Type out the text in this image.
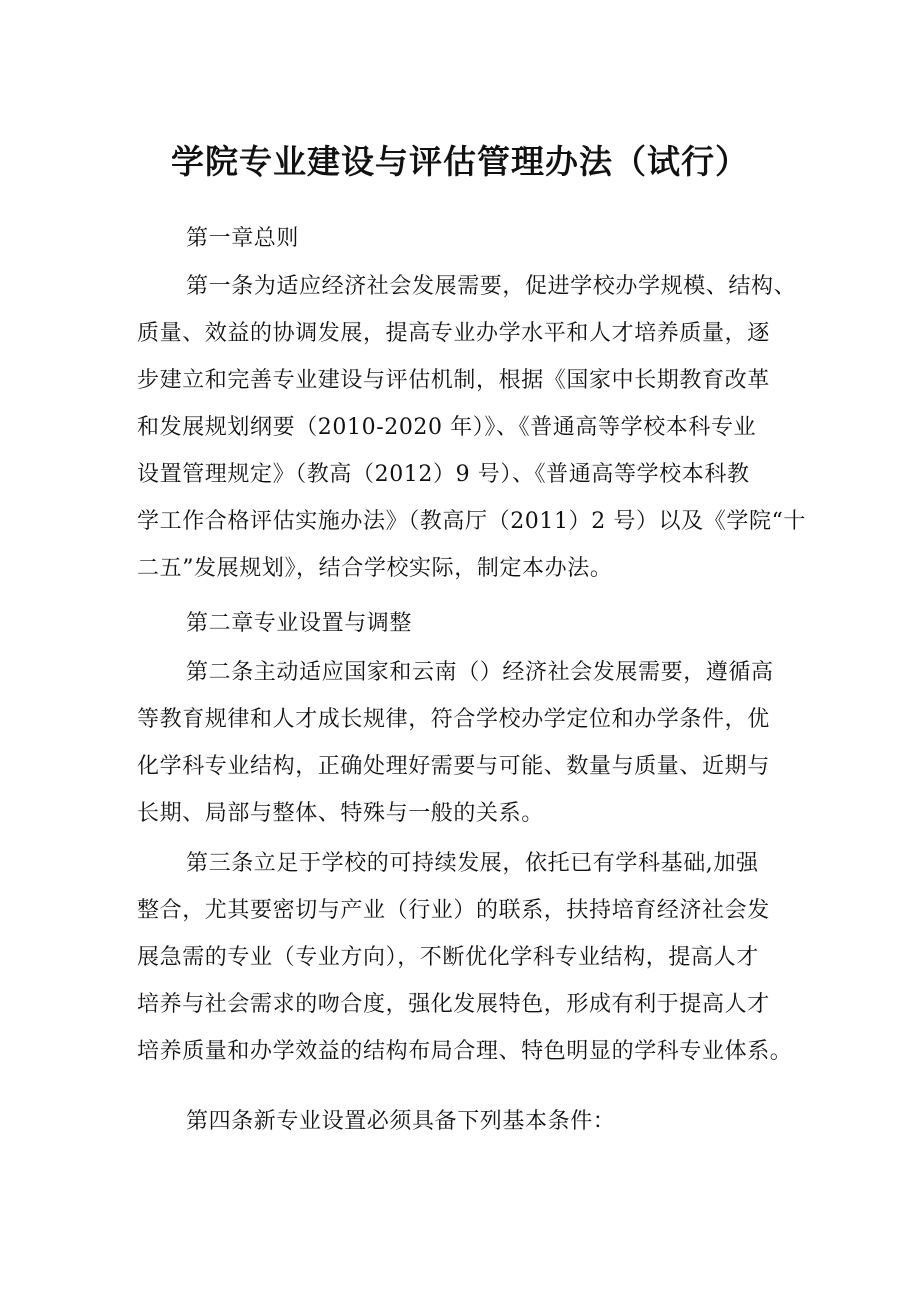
学院专业建设与评估管理办法（试行）
第一章总则
第一条为适应经济社会发展需要，促进学校办学规模、结构、
质量、效益的协调发展，提高专业办学水平和人才培养质量，逐
步建立和完善专业建设与评估机制，根据《国家中长期教育改革
和发展规划纲要（2010-2020 年）》、《普通高等学校本科专业
设置管理规定》（教高（2012）9 号）、《普通高等学校本科教
学工作合格评估实施办法》（教高厅（2011）2 号）以及《学院“十
二五”发展规划》，结合学校实际，制定本办法。
第二章专业设置与调整
第二条主动适应国家和云南（）经济社会发展需要，遵循高
等教育规律和人才成长规律，符合学校办学定位和办学条件，优
化学科专业结构，正确处理好需要与可能、数量与质量、近期与
长期、局部与整体、特殊与一般的关系。
第三条立足于学校的可持续发展，依托已有学科基础,加强
整合，尤其要密切与产业（行业）的联系，扶持培育经济社会发
展急需的专业（专业方向），不断优化学科专业结构，提高人才
培养与社会需求的吻合度，强化发展特色，形成有利于提高人才
培养质量和办学效益的结构布局合理、特色明显的学科专业体系。
第四条新专业设置必须具备下列基本条件：
